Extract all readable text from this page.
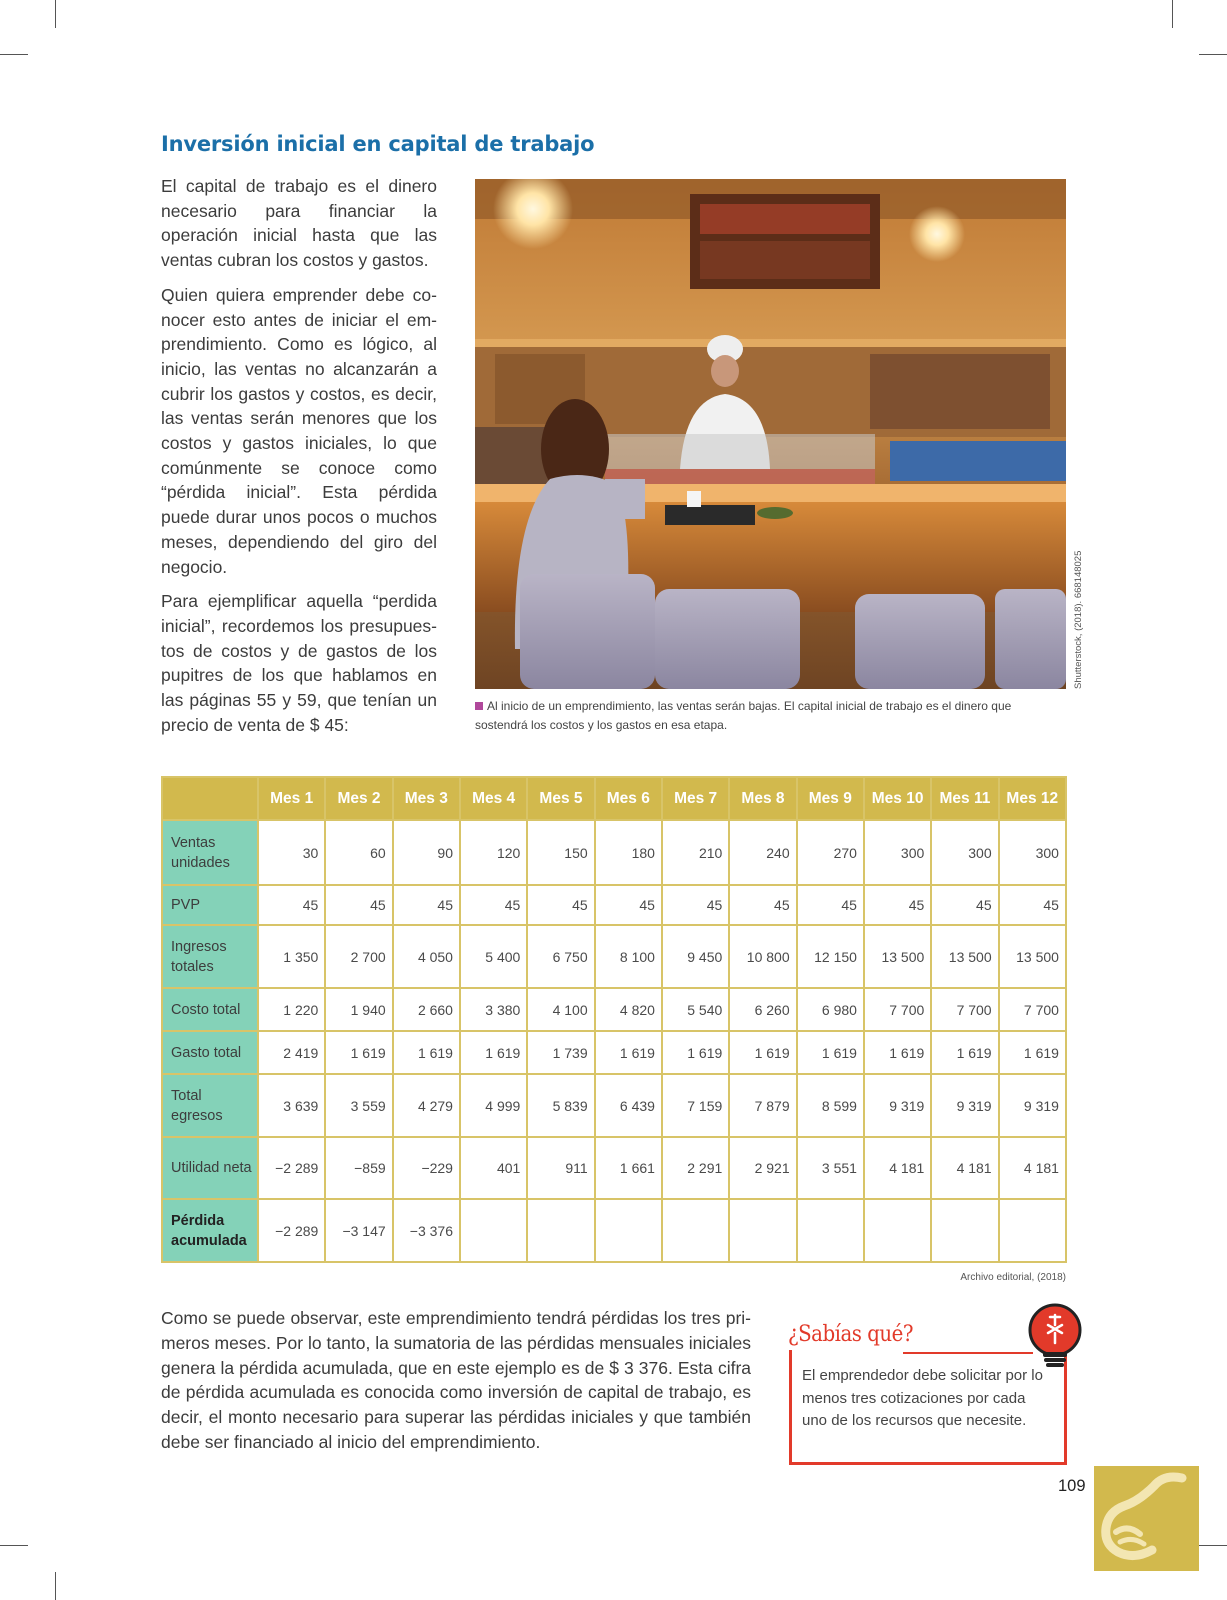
Inversión inicial en capital de trabajo

El capital de trabajo es el dinero necesario para financiar la operación inicial hasta que las ventas cubran los costos y gastos.

Quien quiera emprender debe conocer esto antes de iniciar el emprendimiento. Como es lógico, al inicio, las ventas no alcanzarán a cubrir los gastos y costos, es decir, las ventas serán menores que los costos y gastos iniciales, lo que comúnmente se conoce como “pérdida inicial”. Esta pérdida puede durar unos pocos o muchos meses, dependiendo del giro del negocio.

Para ejemplificar aquella “perdida inicial”, recordemos los presupuestos de costos y de gastos de los pupitres de los que hablamos en las páginas 55 y 59, que tenían un precio de venta de $ 45:

Shutterstock, (2018). 668148025
Al inicio de un emprendimiento, las ventas serán bajas. El capital inicial de trabajo es el dinero que sostendrá los costos y los gastos en esa etapa.
	Mes 1	Mes 2	Mes 3	Mes 4	Mes 5	Mes 6	Mes 7	Mes 8	Mes 9	Mes 10	Mes 11	Mes 12
Ventas unidades	30	60	90	120	150	180	210	240	270	300	300	300
PVP	45	45	45	45	45	45	45	45	45	45	45	45
Ingresos totales	1 350	2 700	4 050	5 400	6 750	8 100	9 450	10 800	12 150	13 500	13 500	13 500
Costo total	1 220	1 940	2 660	3 380	4 100	4 820	5 540	6 260	6 980	7 700	7 700	7 700
Gasto total	2 419	1 619	1 619	1 619	1 739	1 619	1 619	1 619	1 619	1 619	1 619	1 619
Total egresos	3 639	3 559	4 279	4 999	5 839	6 439	7 159	7 879	8 599	9 319	9 319	9 319
Utilidad neta	−2 289	−859	−229	401	911	1 661	2 291	2 921	3 551	4 181	4 181	4 181
Pérdida acumulada	−2 289	−3 147	−3 376									
Archivo editorial, (2018)

Como se puede observar, este emprendimiento tendrá pérdidas los tres primeros meses. Por lo tanto, la sumatoria de las pérdidas mensuales iniciales genera la pérdida acumulada, que en este ejemplo es de $ 3 376. Esta cifra de pérdida acumulada es conocida como inversión de capital de trabajo, es decir, el monto necesario para superar las pérdidas iniciales y que también debe ser financiado al inicio del emprendimiento.

¿Sabías qué?

El emprendedor debe solicitar por lo menos tres cotizaciones por cada uno de los recursos que necesite.

109
